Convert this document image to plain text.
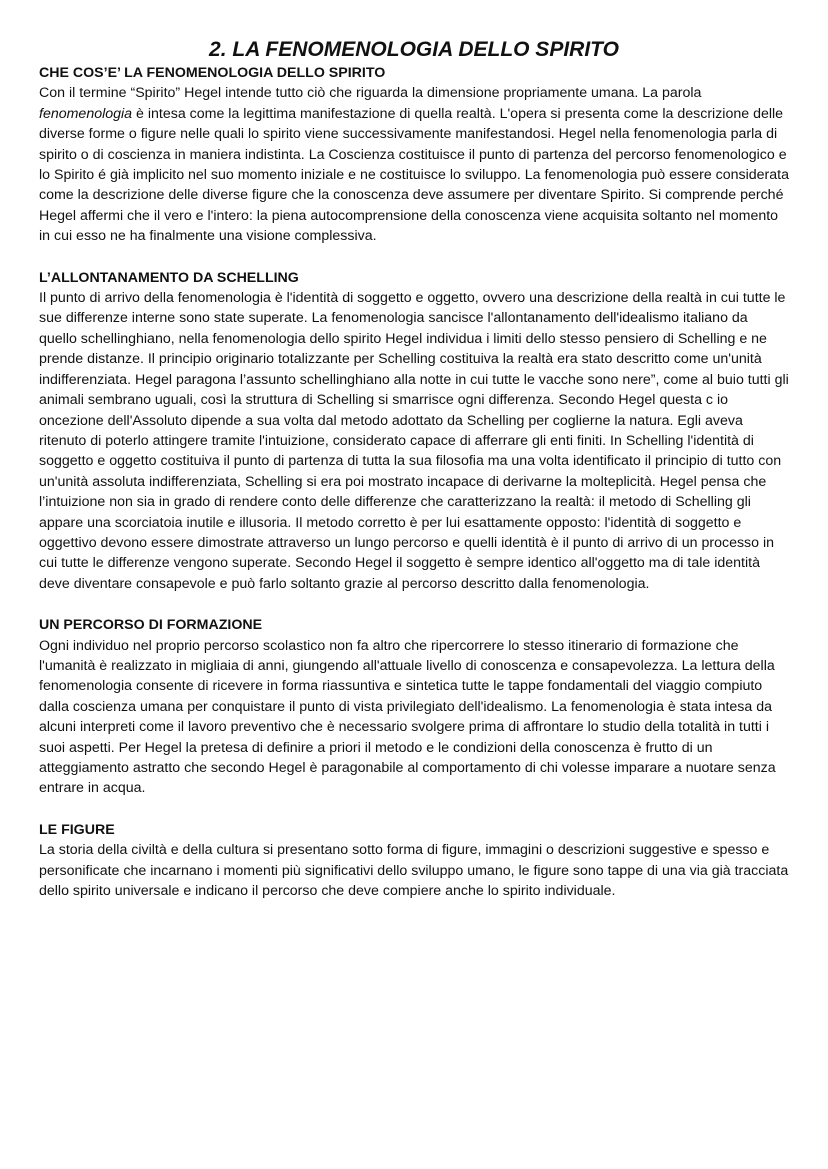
2. LA FENOMENOLOGIA DELLO SPIRITO
CHE COS’E’ LA FENOMENOLOGIA DELLO SPIRITO

Con il termine “Spirito” Hegel intende tutto ciò che riguarda la dimensione propriamente umana. La parola fenomenologia è intesa come la legittima manifestazione di quella realtà. L'opera si presenta come la descrizione delle diverse forme o figure nelle quali lo spirito viene successivamente manifestandosi. Hegel nella fenomenologia parla di spirito o di coscienza in maniera indistinta. La Coscienza costituisce il punto di partenza del percorso fenomenologico e lo Spirito é già implicito nel suo momento iniziale e ne costituisce lo sviluppo. La fenomenologia può essere considerata come la descrizione delle diverse figure che la conoscenza deve assumere per diventare Spirito. Si comprende perché Hegel affermi che il vero e l'intero: la piena autocomprensione della conoscenza viene acquisita soltanto nel momento in cui esso ne ha finalmente una visione complessiva.

L’ALLONTANAMENTO DA SCHELLING

Il punto di arrivo della fenomenologia è l'identità di soggetto e oggetto, ovvero una descrizione della realtà in cui tutte le sue differenze interne sono state superate. La fenomenologia sancisce l'allontanamento dell'idealismo italiano da quello schellinghiano, nella fenomenologia dello spirito Hegel individua i limiti dello stesso pensiero di Schelling e ne prende distanze. Il principio originario totalizzante per Schelling costituiva la realtà era stato descritto come un'unità indifferenziata. Hegel paragona l’assunto schellinghiano alla notte in cui tutte le vacche sono nere”, come al buio tutti gli animali sembrano uguali, così la struttura di Schelling si smarrisce ogni differenza. Secondo Hegel questa c io oncezione dell'Assoluto dipende a sua volta dal metodo adottato da Schelling per coglierne la natura. Egli aveva ritenuto di poterlo attingere tramite l'intuizione, considerato capace di afferrare gli enti finiti. In Schelling l'identità di soggetto e oggetto costituiva il punto di partenza di tutta la sua filosofia ma una volta identificato il principio di tutto con un'unità assoluta indifferenziata, Schelling si era poi mostrato incapace di derivarne la molteplicità. Hegel pensa che l’intuizione non sia in grado di rendere conto delle differenze che caratterizzano la realtà: il metodo di Schelling gli appare una scorciatoia inutile e illusoria. Il metodo corretto è per lui esattamente opposto: l'identità di soggetto e oggettivo devono essere dimostrate attraverso un lungo percorso e quelli identità è il punto di arrivo di un processo in cui tutte le differenze vengono superate. Secondo Hegel il soggetto è sempre identico all'oggetto ma di tale identità deve diventare consapevole e può farlo soltanto grazie al percorso descritto dalla fenomenologia.

UN PERCORSO DI FORMAZIONE

Ogni individuo nel proprio percorso scolastico non fa altro che ripercorrere lo stesso itinerario di formazione che l'umanità è realizzato in migliaia di anni, giungendo all'attuale livello di conoscenza e consapevolezza. La lettura della fenomenologia consente di ricevere in forma riassuntiva e sintetica tutte le tappe fondamentali del viaggio compiuto dalla coscienza umana per conquistare il punto di vista privilegiato dell'idealismo. La fenomenologia è stata intesa da alcuni interpreti come il lavoro preventivo che è necessario svolgere prima di affrontare lo studio della totalità in tutti i suoi aspetti. Per Hegel la pretesa di definire a priori il metodo e le condizioni della conoscenza è frutto di un atteggiamento astratto che secondo Hegel è paragonabile al comportamento di chi volesse imparare a nuotare senza entrare in acqua.

LE FIGURE

La storia della civiltà e della cultura si presentano sotto forma di figure, immagini o descrizioni suggestive e spesso e personificate che incarnano i momenti più significativi dello sviluppo umano, le figure sono tappe di una via già tracciata dello spirito universale e indicano il percorso che deve compiere anche lo spirito individuale.
